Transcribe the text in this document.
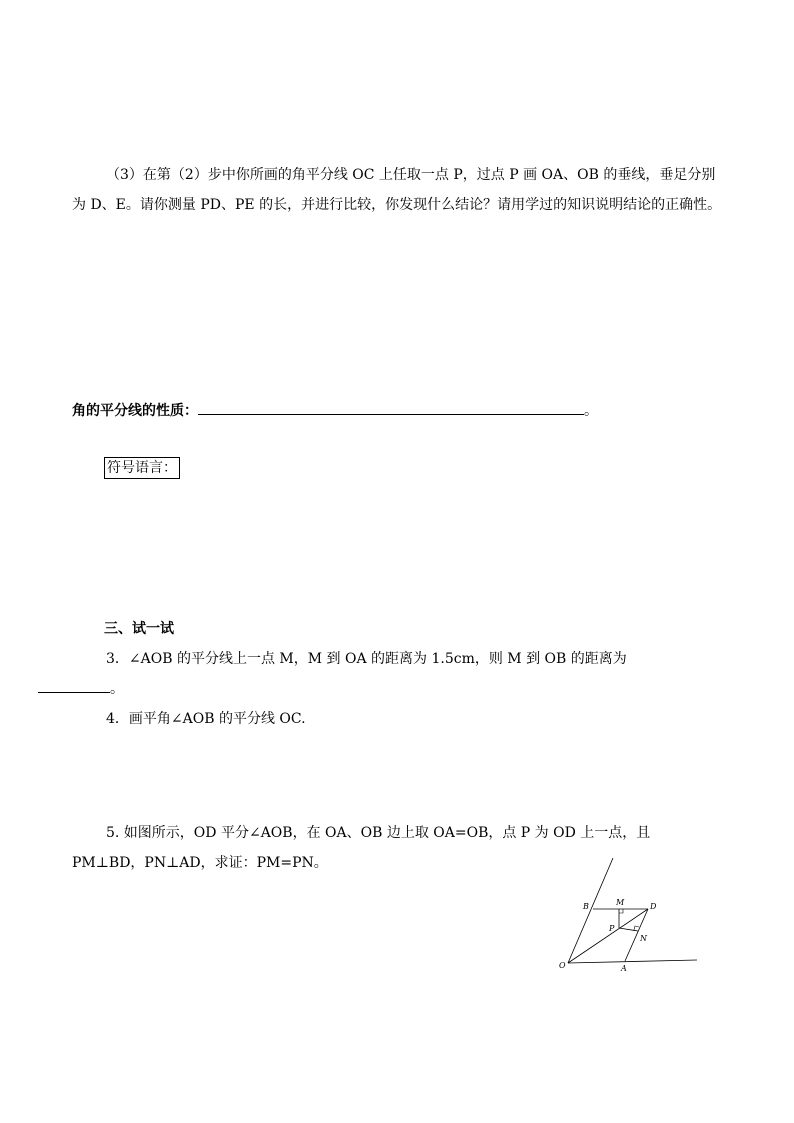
（3）在第（2）步中你所画的角平分线 OC 上任取一点 P，过点 P 画 OA、OB 的垂线，垂足分别为 D、E。请你测量 PD、PE 的长，并进行比较，你发现什么结论？请用学过的知识说明结论的正确性。

角的平分线的性质：	。
符号语言：
三、试一试
3．∠AOB 的平分线上一点 M，M 到 OA 的距离为 1.5cm，则 M 到 OB 的距离为
。

4．画平角∠AOB 的平分线 OC.

5. 如图所示，OD 平分∠AOB，在 OA、OB 边上取 OA=OB，点 P 为 OD 上一点，且 PM⊥BD，PN⊥AD，求证：PM=PN。

B	M	D
P
N
O	A
